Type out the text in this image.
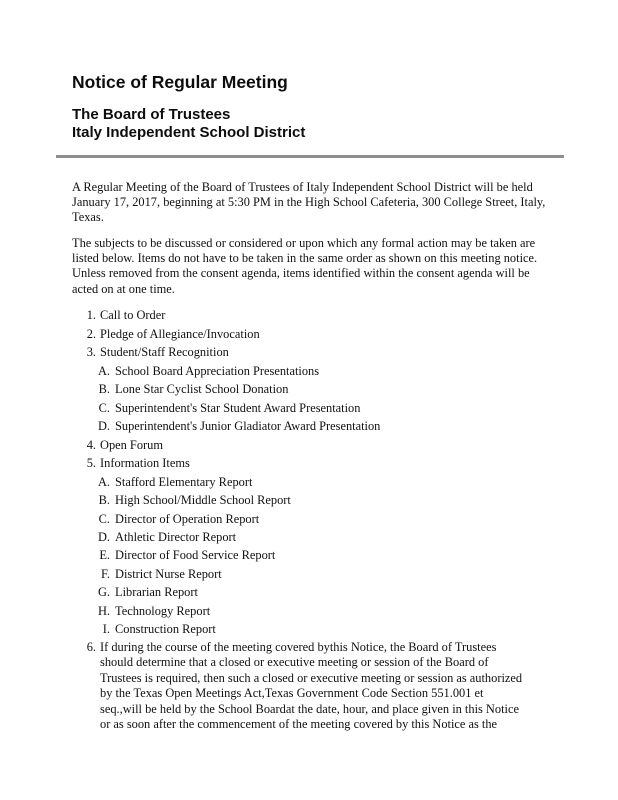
Notice of Regular Meeting
The Board of Trustees
Italy Independent School District
A Regular Meeting of the Board of Trustees of Italy Independent School District will be held
January 17, 2017, beginning at 5:30 PM in the High School Cafeteria, 300 College Street, Italy,
Texas.
The subjects to be discussed or considered or upon which any formal action may be taken are
listed below. Items do not have to be taken in the same order as shown on this meeting notice.
Unless removed from the consent agenda, items identified within the consent agenda will be
acted on at one time.
1. Call to Order
2. Pledge of Allegiance/Invocation
3. Student/Staff Recognition
A. School Board Appreciation Presentations
B. Lone Star Cyclist School Donation
C. Superintendent's Star Student Award Presentation
D. Superintendent's Junior Gladiator Award Presentation
4. Open Forum
5. Information Items
A. Stafford Elementary Report
B. High School/Middle School Report
C. Director of Operation Report
D. Athletic Director Report
E. Director of Food Service Report
F. District Nurse Report
G. Librarian Report
H. Technology Report
I. Construction Report
6. If during the course of the meeting covered bythis Notice, the Board of Trustees
should determine that a closed or executive meeting or session of the Board of
Trustees is required, then such a closed or executive meeting or session as authorized
by the Texas Open Meetings Act,Texas Government Code Section 551.001 et
seq.,will be held by the School Boardat the date, hour, and place given in this Notice
or as soon after the commencement of the meeting covered by this Notice as the
